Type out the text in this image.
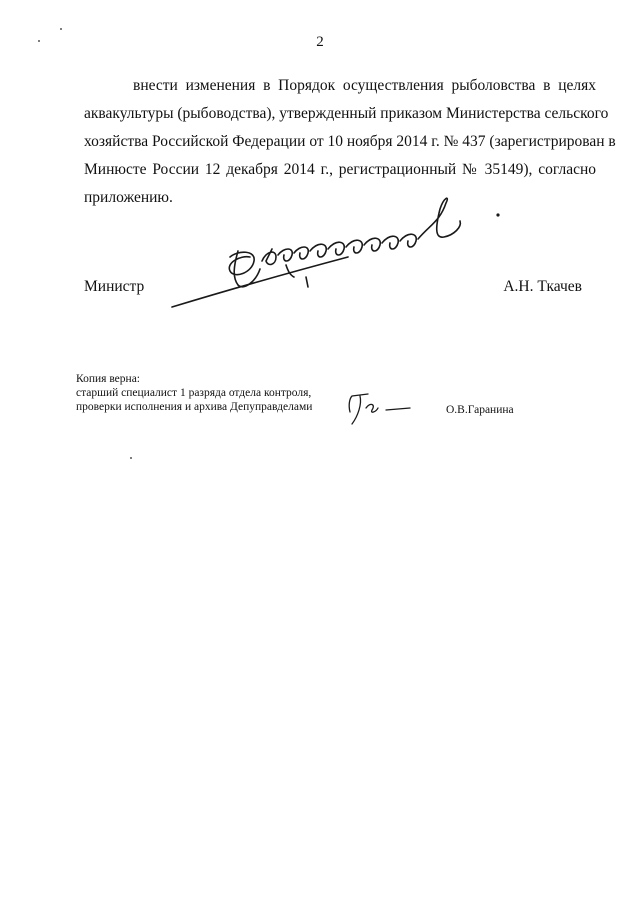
2
внести изменения в Порядок осуществления рыболовства в целях
аквакультуры (рыбоводства), утвержденный приказом Министерства сельского
хозяйства Российской Федерации от 10 ноября 2014 г. № 437 (зарегистрирован в
Минюсте России 12 декабря 2014 г., регистрационный № 35149), согласно
приложению.
Министр	А.Н. Ткачев
Копия верна:
старший специалист 1 разряда отдела контроля,
проверки исполнения и архива Депуправделами	О.В.Гаранина
